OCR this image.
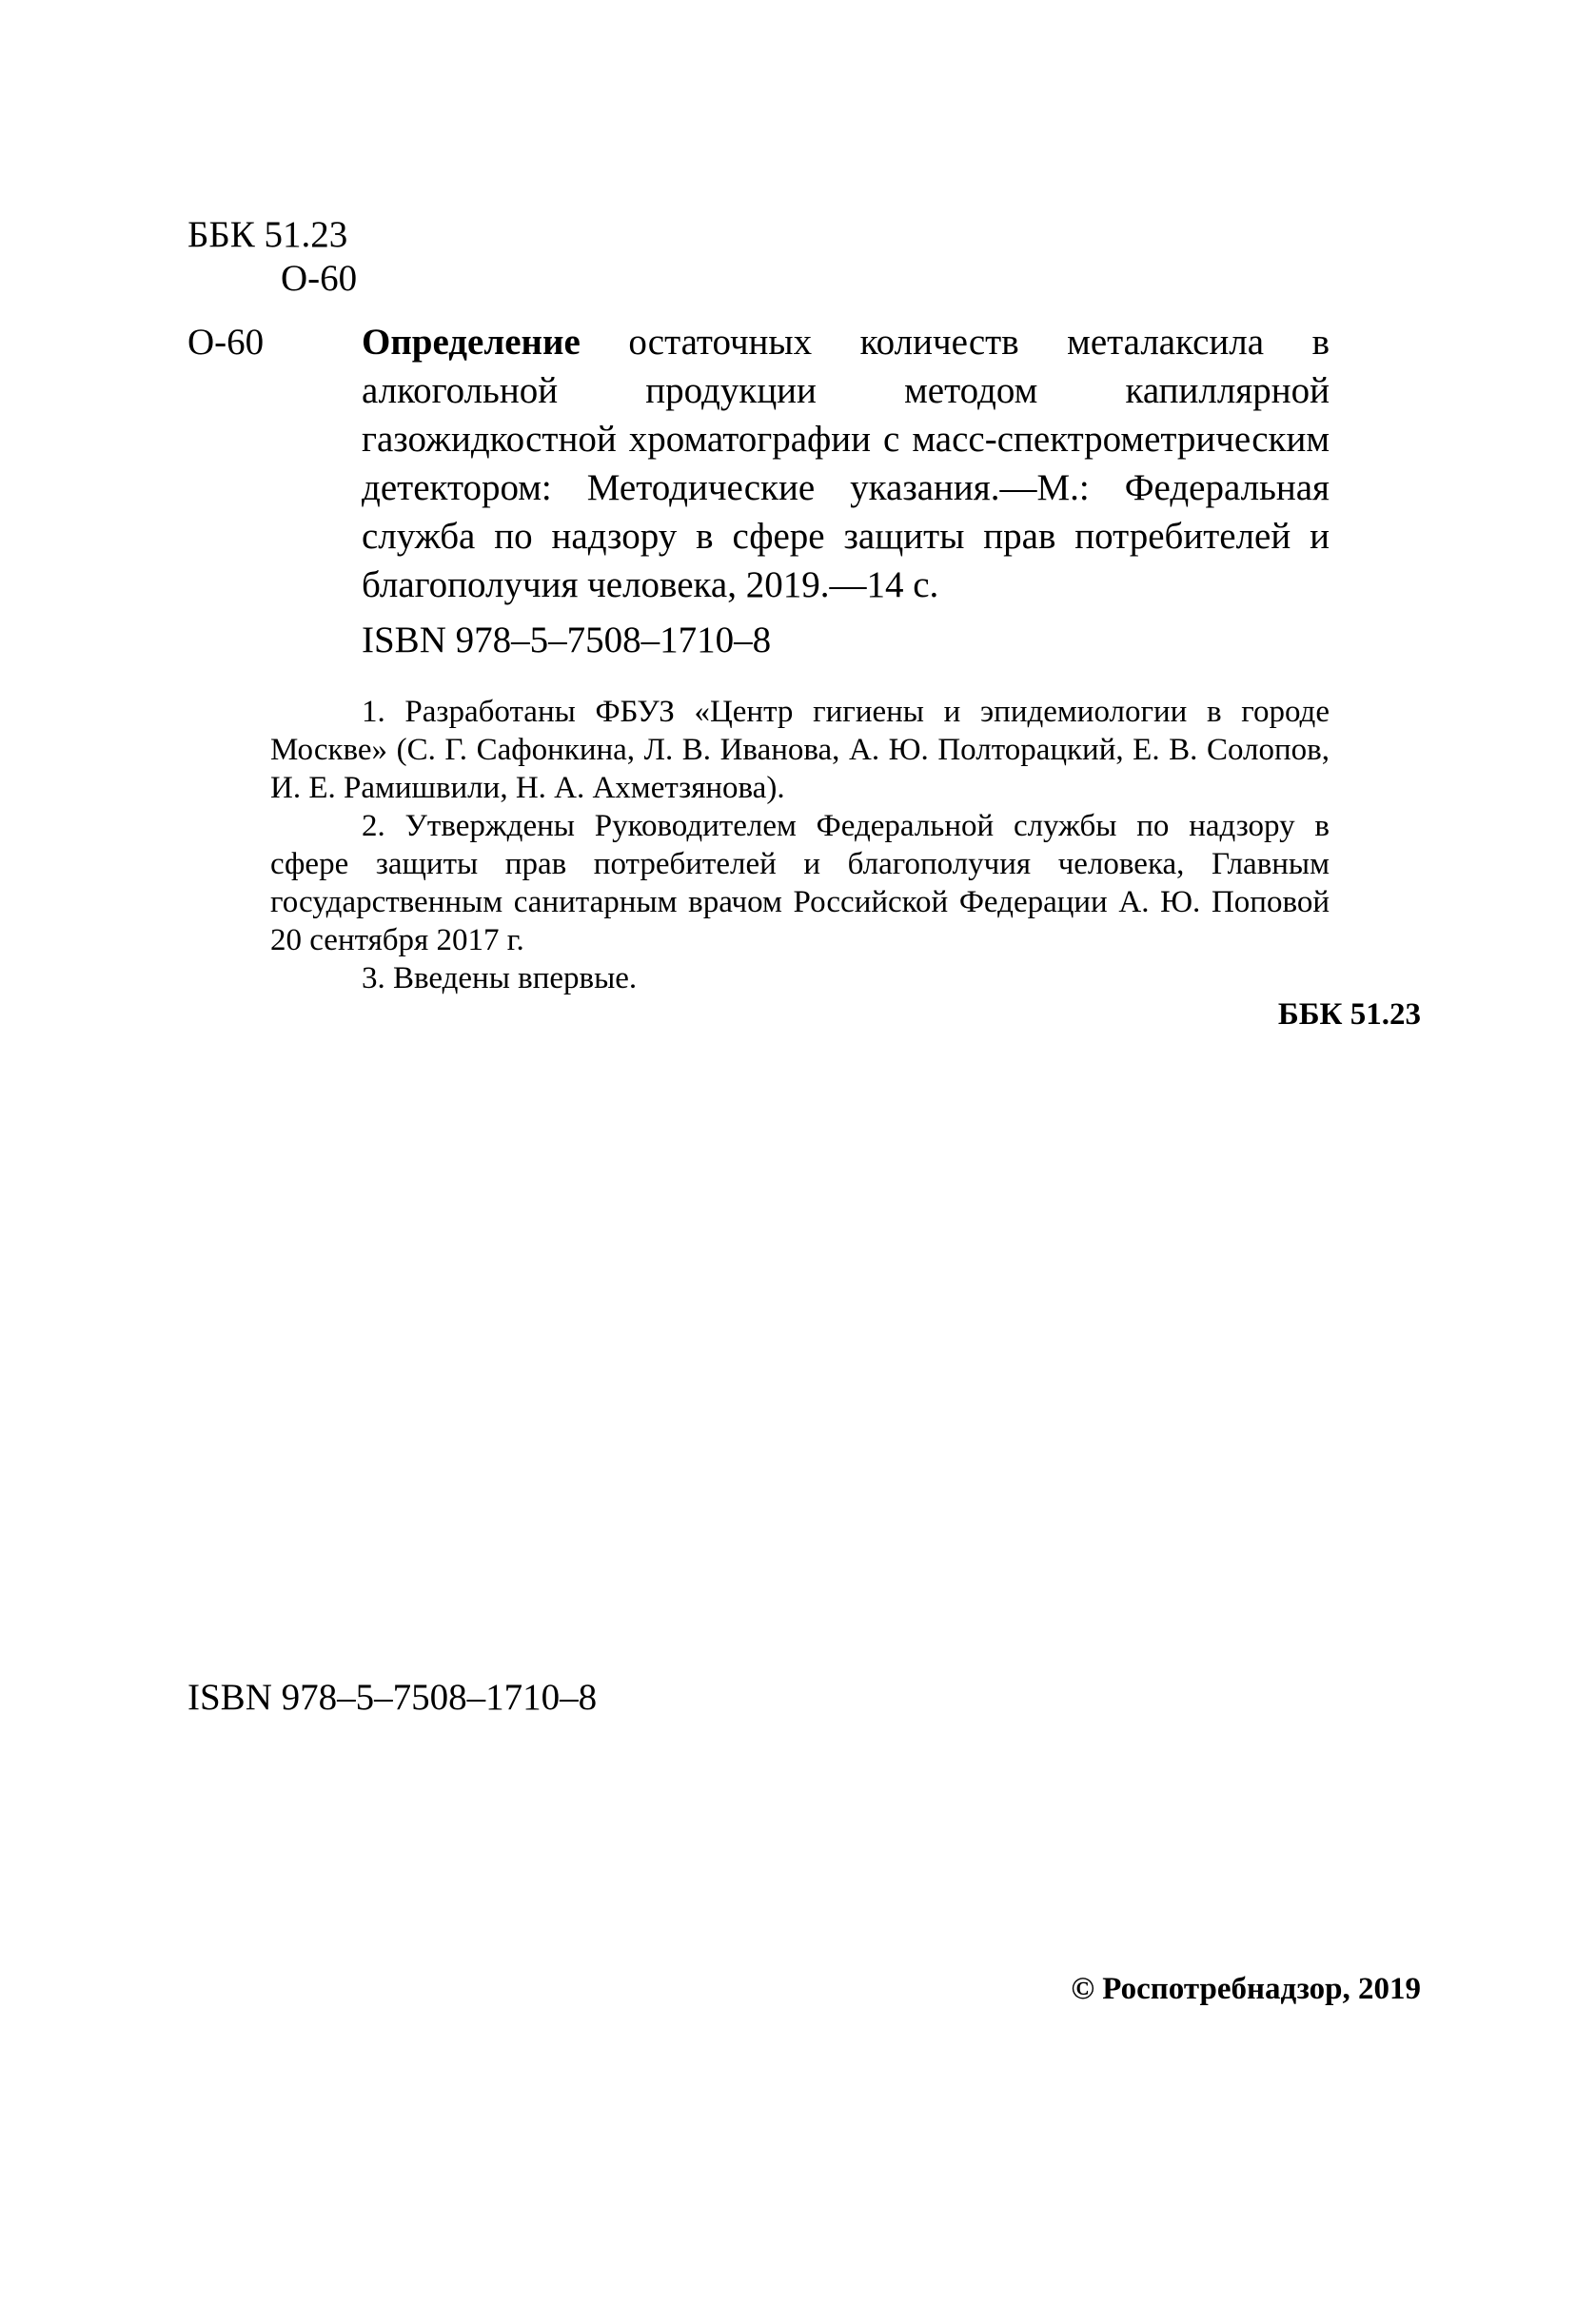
ББК 51.23
О-60
О-60	Определение остаточных количеств металаксила в алкогольной продукции методом капиллярной газожидкостной хроматографии с масс-спектрометрическим детектором: Методические указания.—М.: Федеральная служба по надзору в сфере защиты прав потребителей и благополучия человека, 2019.—14 с.

ISBN 978–5–7508–1710–8

1. Разработаны ФБУЗ «Центр гигиены и эпидемиологии в городе Москве» (С. Г. Сафонкина, Л. В. Иванова, А. Ю. Полторацкий, Е. В. Солопов, И. Е. Рамишвили, Н. А. Ахметзянова).

2. Утверждены Руководителем Федеральной службы по надзору в сфере защиты прав потребителей и благополучия человека, Главным государственным санитарным врачом Российской Федерации А. Ю. Поповой 20 сентября 2017 г.

3. Введены впервые.

ББК 51.23
ISBN 978–5–7508–1710–8
© Роспотребнадзор, 2019
